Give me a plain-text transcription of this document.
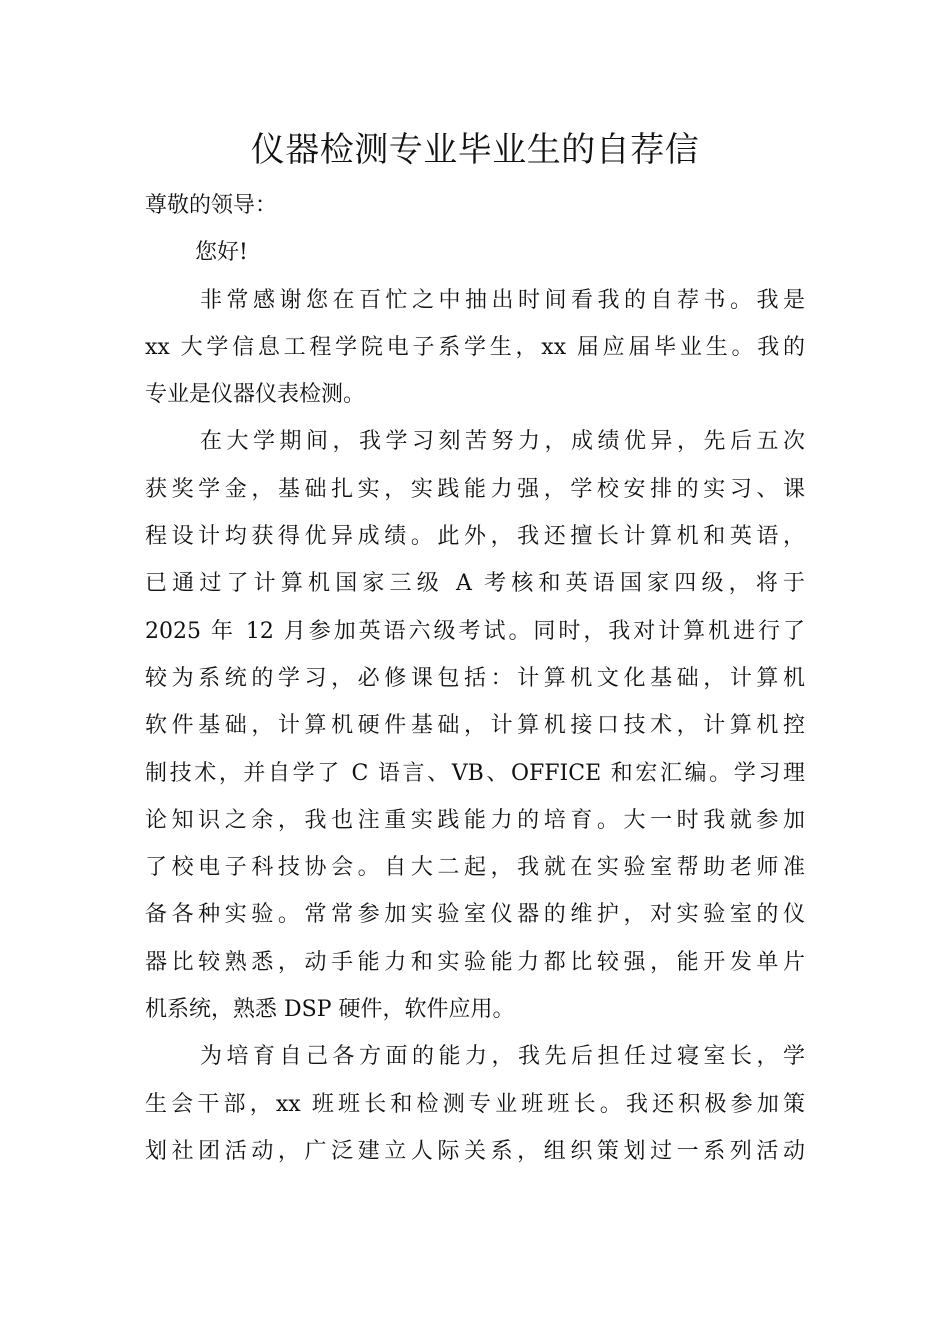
仪器检测专业毕业生的自荐信
尊敬的领导：
您好!
非常感谢您在百忙之中抽出时间看我的自荐书。我是
xx 大学信息工程学院电子系学生，xx 届应届毕业生。我的
专业是仪器仪表检测。
在大学期间，我学习刻苦努力，成绩优异，先后五次
获奖学金，基础扎实，实践能力强，学校安排的实习、课
程设计均获得优异成绩。此外，我还擅长计算机和英语，
已通过了计算机国家三级 A 考核和英语国家四级，将于
2025 年 12 月参加英语六级考试。同时，我对计算机进行了
较为系统的学习，必修课包括：计算机文化基础，计算机
软件基础，计算机硬件基础，计算机接口技术，计算机控
制技术，并自学了 C 语言、VB、OFFICE 和宏汇编。学习理
论知识之余，我也注重实践能力的培育。大一时我就参加
了校电子科技协会。自大二起，我就在实验室帮助老师准
备各种实验。常常参加实验室仪器的维护，对实验室的仪
器比较熟悉，动手能力和实验能力都比较强，能开发单片
机系统，熟悉 DSP 硬件，软件应用。
为培育自己各方面的能力，我先后担任过寝室长，学
生会干部，xx 班班长和检测专业班班长。我还积极参加策
划社团活动，广泛建立人际关系，组织策划过一系列活动
